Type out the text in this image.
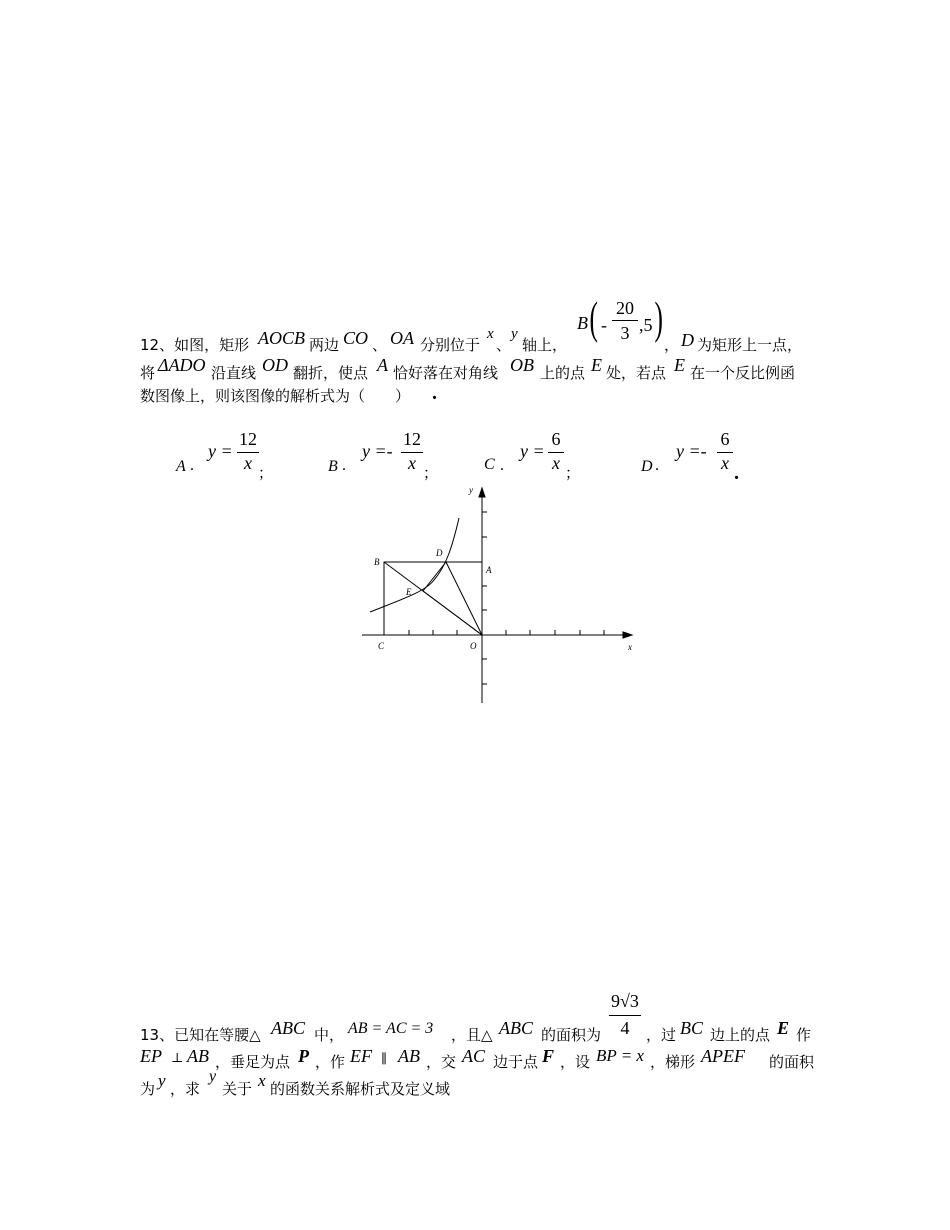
12、如图，矩形 AOCB 两边 CO 、 OA 分别位于
x
、
y
轴上，
B ( -
20
3 ,5 )
， D 为矩形上一点，
将 ΔADO 沿直线 OD 翻折，使点 A 恰好落在对角线 OB 上的点 E 处，若点 E 在一个反比例函
数图像上，则该图像的解析式为（　　） .
A .
y =
12
x ；	B .
y =-
12
x ；	C .
y =
6
x ；	D .
y =-
6
x .
y
x
B
D
A
E
C	O
13、已知在等腰△ ABC 中， AB = AC = 3 ，且△ ABC 的面积为
9√3
4	，过 BC 边上的点 E 作
EP ⊥ AB ，垂足为点 P ，作 EF ∥ AB ，交 AC 边于点 F ，设 BP = x ，梯形 APEF 的面积
为 y ，求
y
关于 x 的函数关系解析式及定义域
